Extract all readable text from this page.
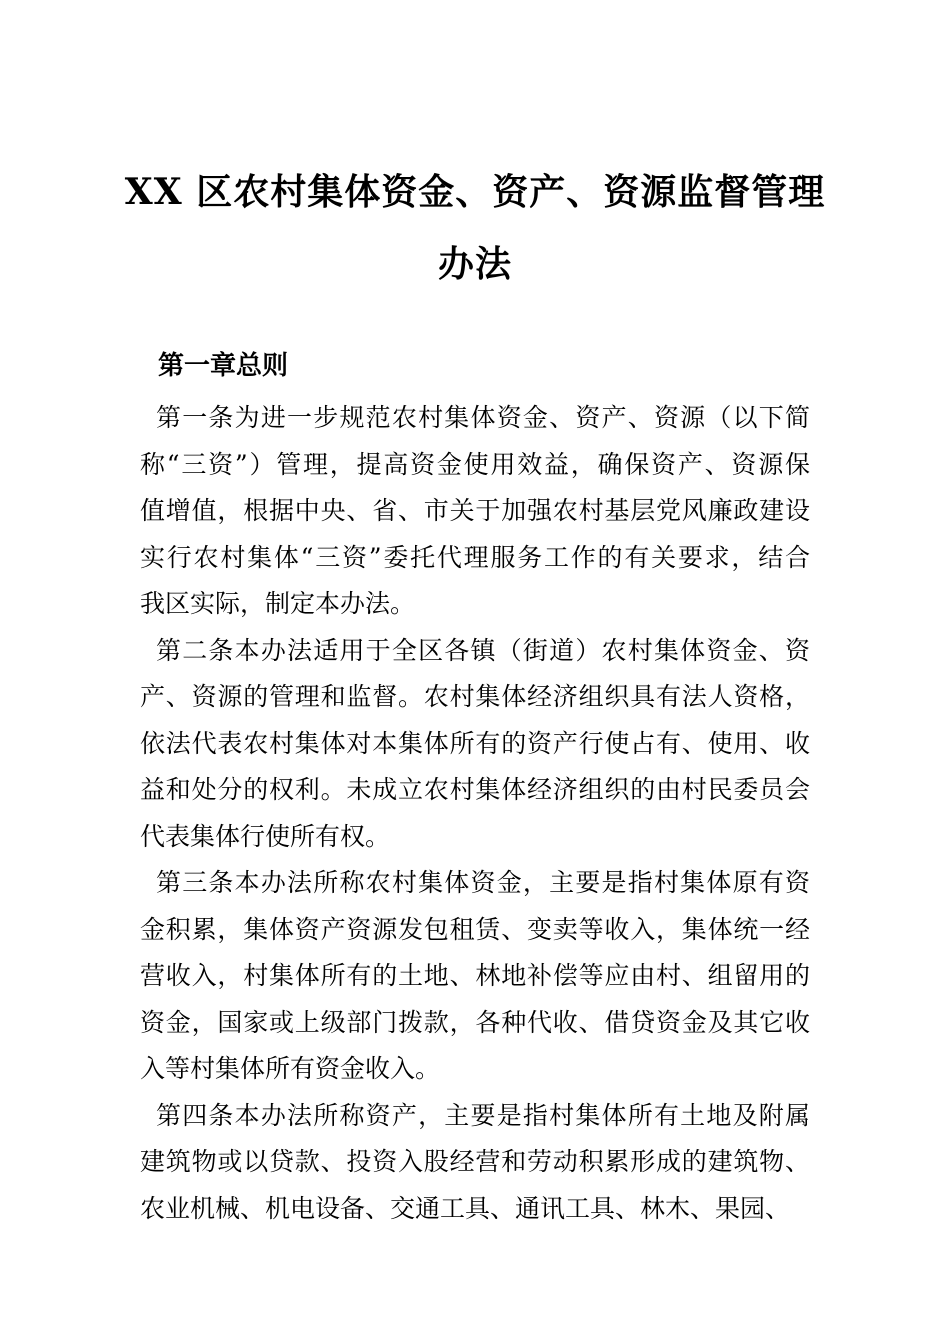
XX 区农村集体资金、资产、资源监督管理
办法
第一章总则

第一条为进一步规范农村集体资金、资产、资源（以下简
称“三资”）管理，提高资金使用效益，确保资产、资源保
值增值，根据中央、省、市关于加强农村基层党风廉政建设
实行农村集体“三资”委托代理服务工作的有关要求，结合
我区实际，制定本办法。

第二条本办法适用于全区各镇（街道）农村集体资金、资
产、资源的管理和监督。农村集体经济组织具有法人资格，
依法代表农村集体对本集体所有的资产行使占有、使用、收
益和处分的权利。未成立农村集体经济组织的由村民委员会
代表集体行使所有权。

第三条本办法所称农村集体资金，主要是指村集体原有资
金积累，集体资产资源发包租赁、变卖等收入，集体统一经
营收入，村集体所有的土地、林地补偿等应由村、组留用的
资金，国家或上级部门拨款，各种代收、借贷资金及其它收
入等村集体所有资金收入。

第四条本办法所称资产，主要是指村集体所有土地及附属
建筑物或以贷款、投资入股经营和劳动积累形成的建筑物、
农业机械、机电设备、交通工具、通讯工具、林木、果园、
